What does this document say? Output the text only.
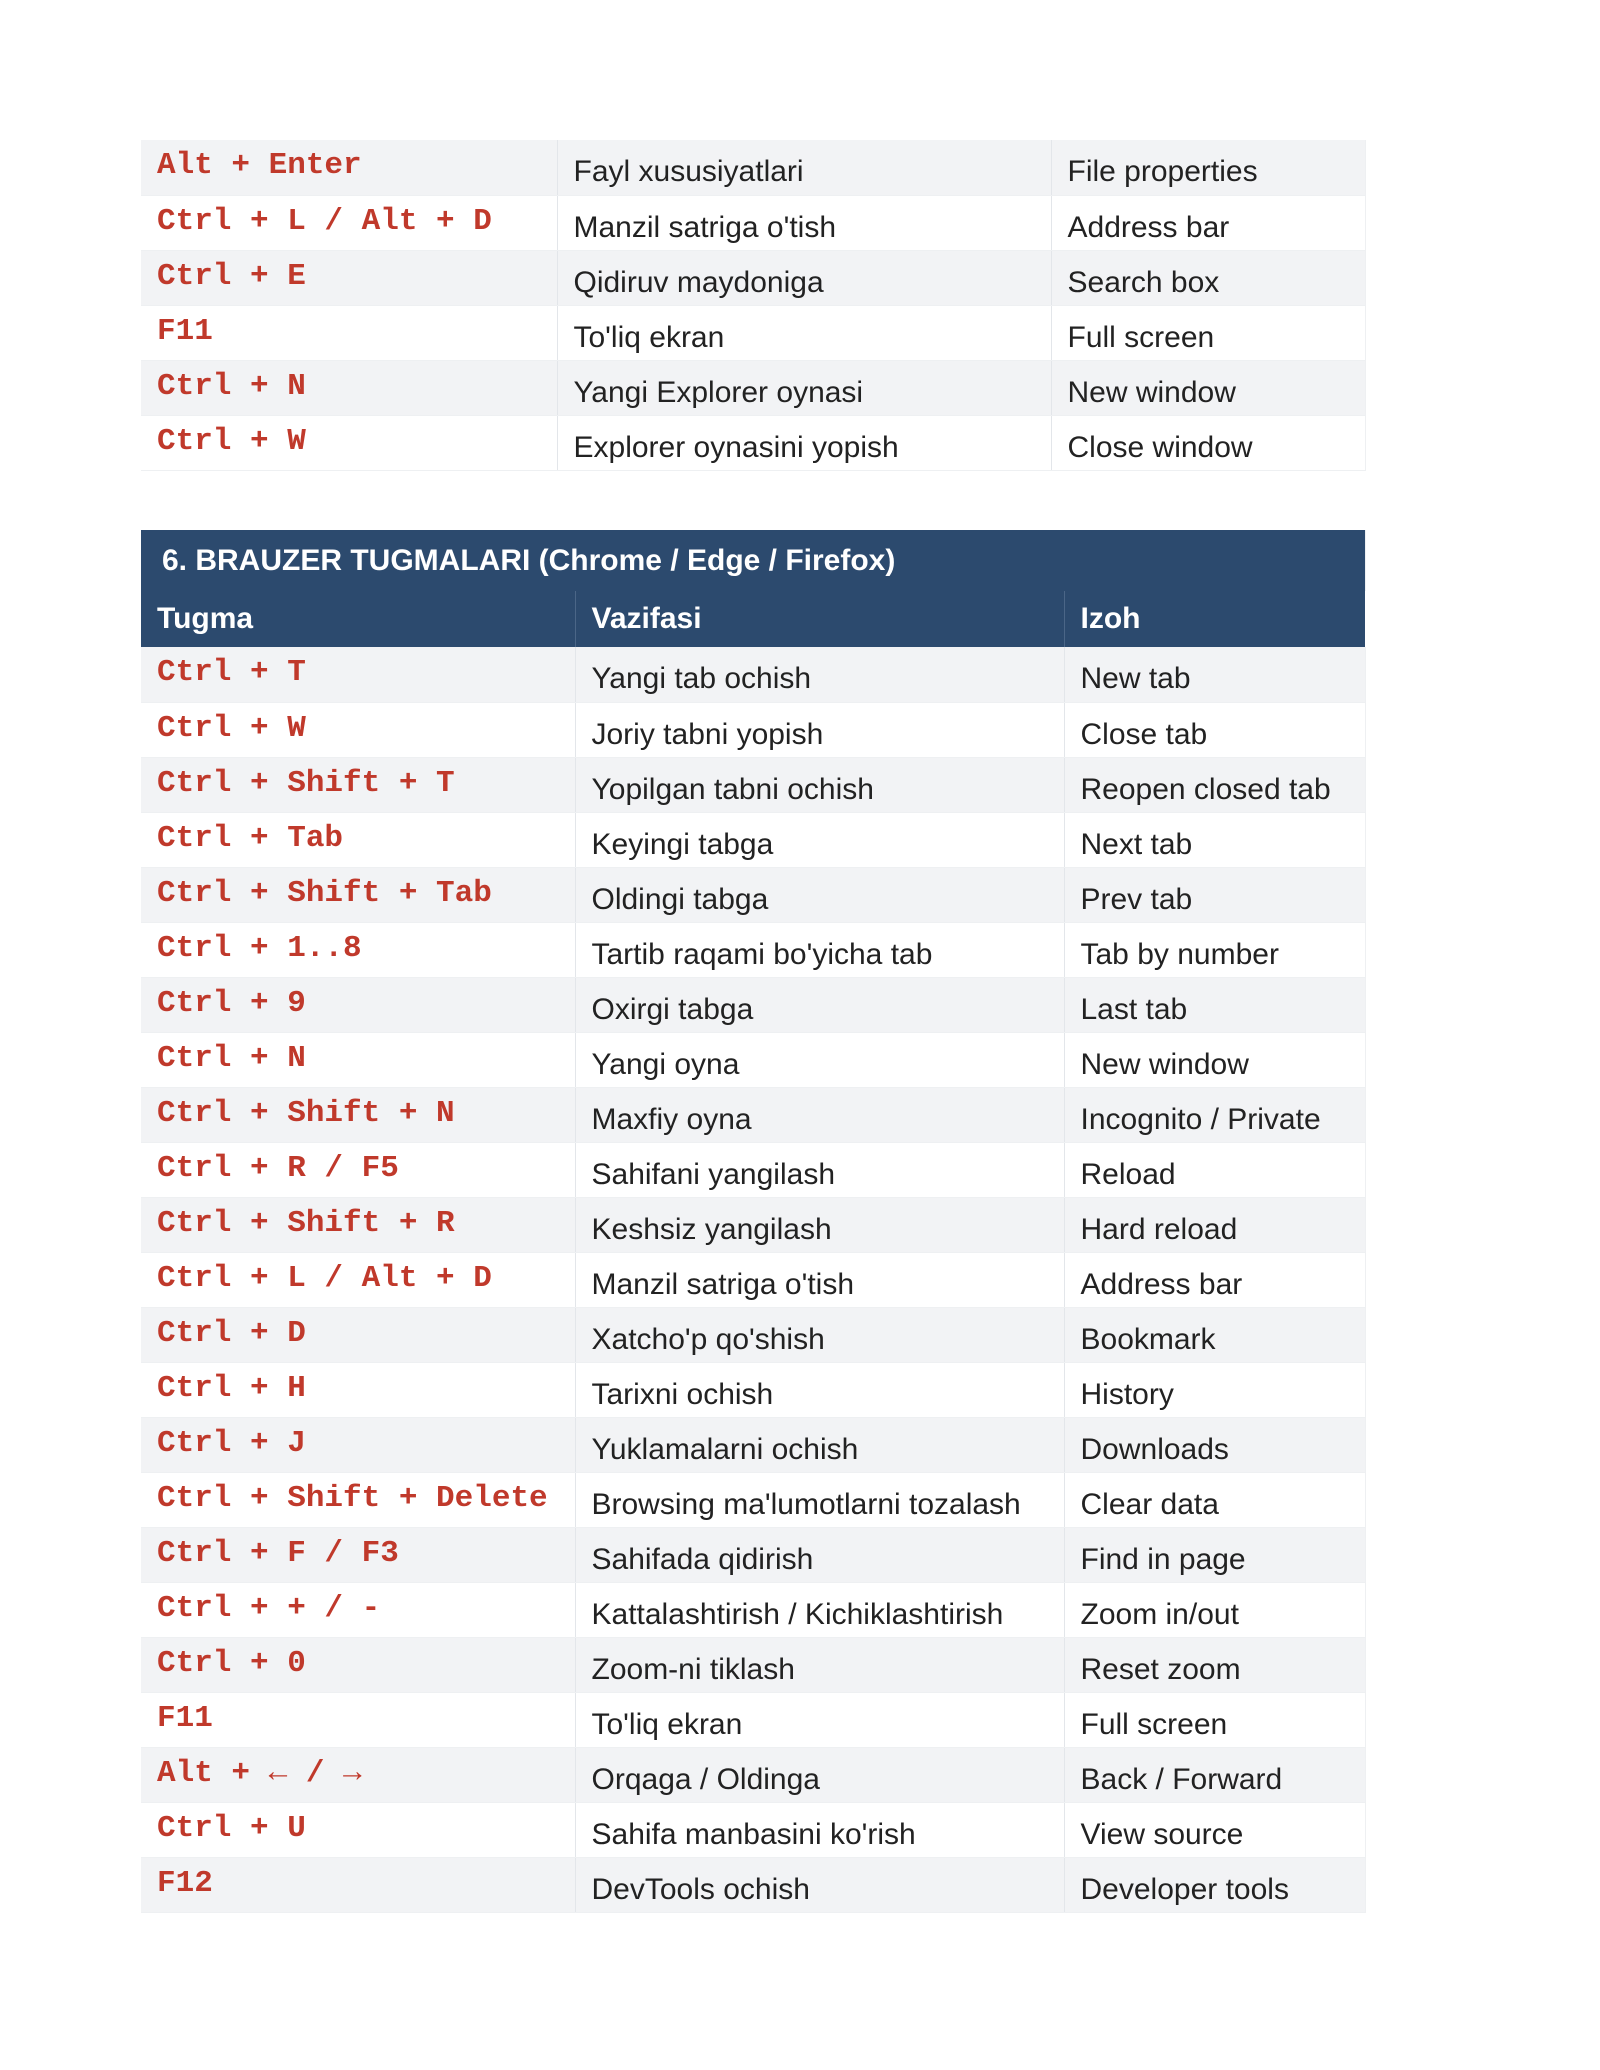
Alt + Enter	Fayl xususiyatlari	File properties
Ctrl + L / Alt + D	Manzil satriga o'tish	Address bar
Ctrl + E	Qidiruv maydoniga	Search box
F11	To'liq ekran	Full screen
Ctrl + N	Yangi Explorer oynasi	New window
Ctrl + W	Explorer oynasini yopish	Close window
6. BRAUZER TUGMALARI (Chrome / Edge / Firefox)		
Tugma	Vazifasi	Izoh
Ctrl + T	Yangi tab ochish	New tab
Ctrl + W	Joriy tabni yopish	Close tab
Ctrl + Shift + T	Yopilgan tabni ochish	Reopen closed tab
Ctrl + Tab	Keyingi tabga	Next tab
Ctrl + Shift + Tab	Oldingi tabga	Prev tab
Ctrl + 1..8	Tartib raqami bo'yicha tab	Tab by number
Ctrl + 9	Oxirgi tabga	Last tab
Ctrl + N	Yangi oyna	New window
Ctrl + Shift + N	Maxfiy oyna	Incognito / Private
Ctrl + R / F5	Sahifani yangilash	Reload
Ctrl + Shift + R	Keshsiz yangilash	Hard reload
Ctrl + L / Alt + D	Manzil satriga o'tish	Address bar
Ctrl + D	Xatcho'p qo'shish	Bookmark
Ctrl + H	Tarixni ochish	History
Ctrl + J	Yuklamalarni ochish	Downloads
Ctrl + Shift + Delete	Browsing ma'lumotlarni tozalash	Clear data
Ctrl + F / F3	Sahifada qidirish	Find in page
Ctrl + + / -	Kattalashtirish / Kichiklashtirish	Zoom in/out
Ctrl + 0	Zoom-ni tiklash	Reset zoom
F11	To'liq ekran	Full screen
Alt + ← / →	Orqaga / Oldinga	Back / Forward
Ctrl + U	Sahifa manbasini ko'rish	View source
F12	DevTools ochish	Developer tools
